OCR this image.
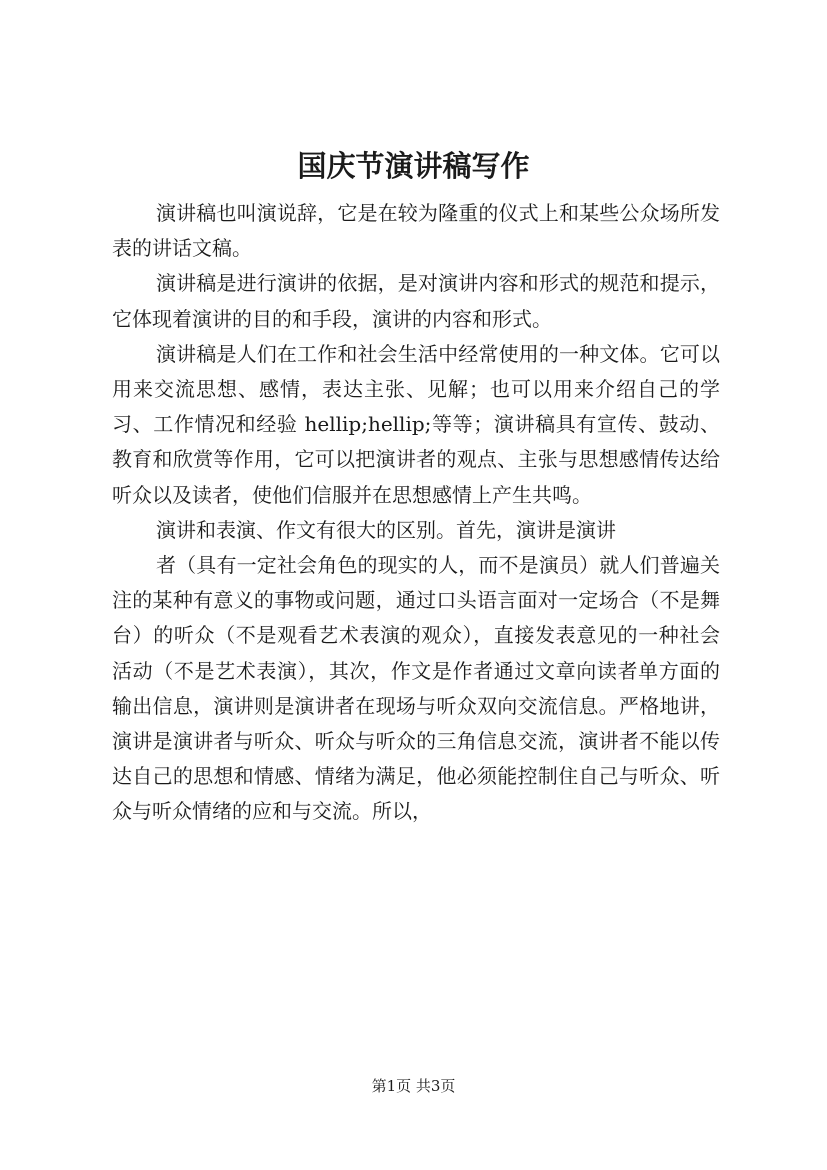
国庆节演讲稿写作

演讲稿也叫演说辞，它是在较为隆重的仪式上和某些公众场所发表的讲话文稿。

演讲稿是进行演讲的依据，是对演讲内容和形式的规范和提示，它体现着演讲的目的和手段，演讲的内容和形式。

演讲稿是人们在工作和社会生活中经常使用的一种文体。它可以用来交流思想、感情，表达主张、见解；也可以用来介绍自己的学习、工作情况和经验 hellip;hellip;等等；演讲稿具有宣传、鼓动、教育和欣赏等作用，它可以把演讲者的观点、主张与思想感情传达给听众以及读者，使他们信服并在思想感情上产生共鸣。

演讲和表演、作文有很大的区别。首先，演讲是演讲

者（具有一定社会角色的现实的人，而不是演员）就人们普遍关注的某种有意义的事物或问题，通过口头语言面对一定场合（不是舞台）的听众（不是观看艺术表演的观众），直接发表意见的一种社会活动（不是艺术表演），其次，作文是作者通过文章向读者单方面的输出信息，演讲则是演讲者在现场与听众双向交流信息。严格地讲，演讲是演讲者与听众、听众与听众的三角信息交流，演讲者不能以传达自己的思想和情感、情绪为满足，他必须能控制住自己与听众、听众与听众情绪的应和与交流。所以，

第1页 共3页
